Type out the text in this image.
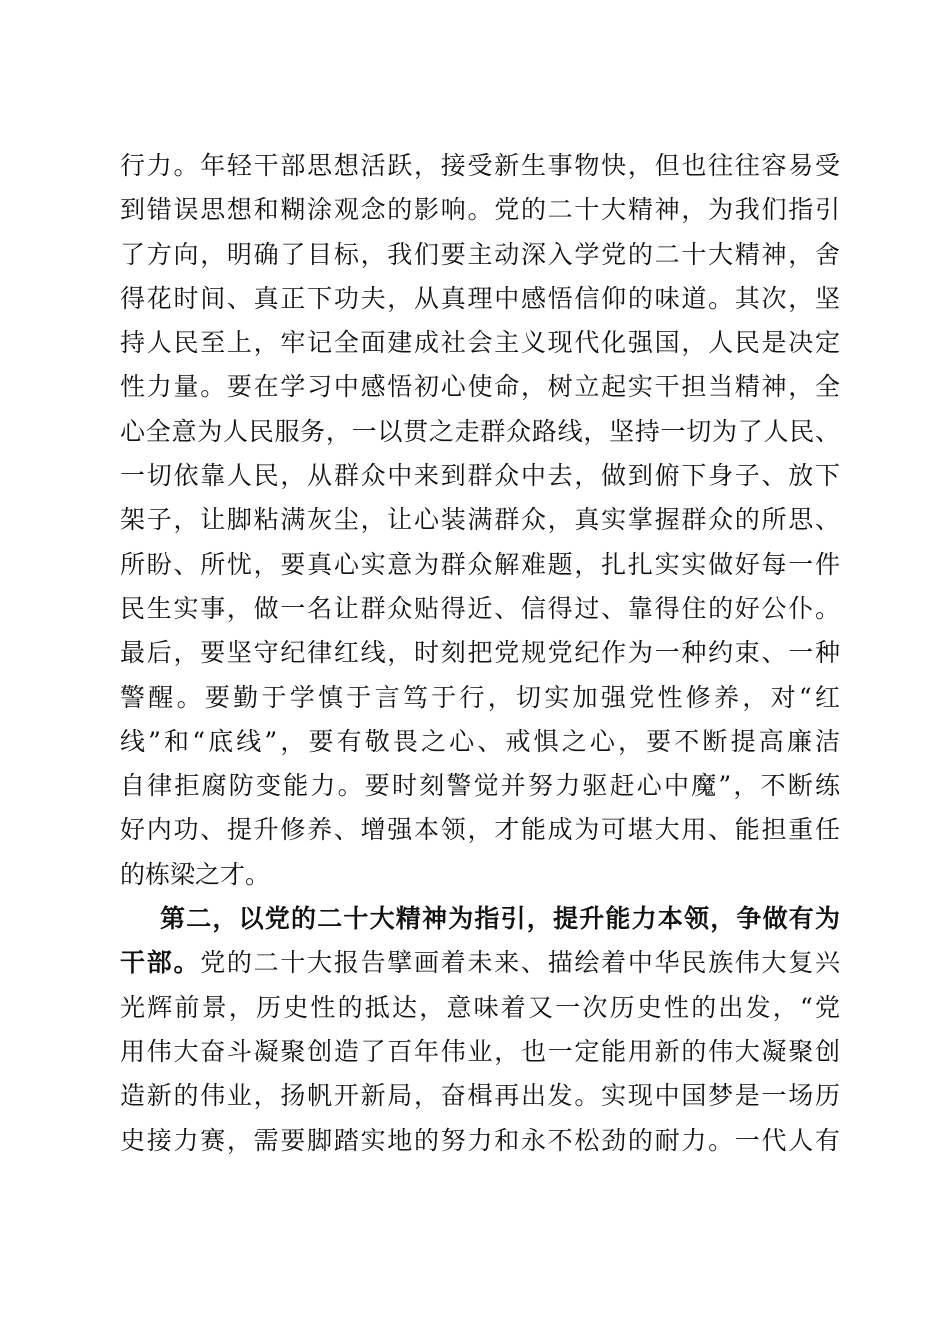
行力。年轻干部思想活跃，接受新生事物快，但也往往容易受
到错误思想和糊涂观念的影响。党的二十大精神，为我们指引
了方向，明确了目标，我们要主动深入学党的二十大精神，舍
得花时间、真正下功夫，从真理中感悟信仰的味道。其次，坚
持人民至上，牢记全面建成社会主义现代化强国，人民是决定
性力量。要在学习中感悟初心使命，树立起实干担当精神，全
心全意为人民服务，一以贯之走群众路线，坚持一切为了人民、
一切依靠人民，从群众中来到群众中去，做到俯下身子、放下
架子，让脚粘满灰尘，让心装满群众，真实掌握群众的所思、
所盼、所忧，要真心实意为群众解难题，扎扎实实做好每一件
民生实事，做一名让群众贴得近、信得过、靠得住的好公仆。
最后，要坚守纪律红线，时刻把党规党纪作为一种约束、一种
警醒。要勤于学慎于言笃于行，切实加强党性修养，对“红
线”和“底线”，要有敬畏之心、戒惧之心，要不断提高廉洁
自律拒腐防变能力。要时刻警觉并努力驱赶心中魔”，不断练
好内功、提升修养、增强本领，才能成为可堪大用、能担重任
的栋梁之才。
第二，以党的二十大精神为指引，提升能力本领，争做有为
干部。党的二十大报告擘画着未来、描绘着中华民族伟大复兴
光辉前景，历史性的抵达，意味着又一次历史性的出发，“党
用伟大奋斗凝聚创造了百年伟业，也一定能用新的伟大凝聚创
造新的伟业，扬帆开新局，奋楫再出发。实现中国梦是一场历
史接力赛，需要脚踏实地的努力和永不松劲的耐力。一代人有
